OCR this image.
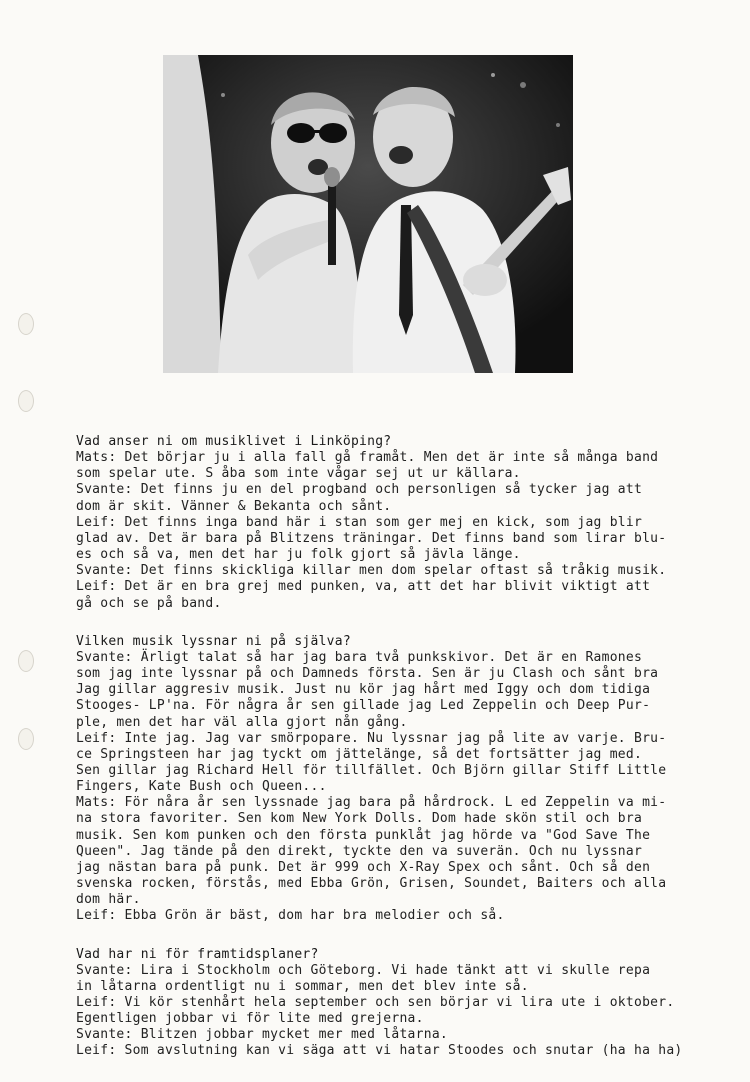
Vad anser ni om musiklivet i Linköping?
Mats: Det börjar ju i alla fall gå framåt. Men det är inte så många band
som spelar ute. S åba som inte vågar sej ut ur källara.
Svante: Det finns ju en del progband och personligen så tycker jag att
dom är skit. Vänner & Bekanta och sånt.
Leif: Det finns inga band här i stan som ger mej en kick, som jag blir
glad av. Det är bara på Blitzens träningar. Det finns band som lirar blu-
es och så va, men det har ju folk gjort så jävla länge.
Svante: Det finns skickliga killar men dom spelar oftast så tråkig musik.
Leif: Det är en bra grej med punken, va, att det har blivit viktigt att
gå och se på band.
Vilken musik lyssnar ni på själva?
Svante: Ärligt talat så har jag bara två punkskivor. Det är en Ramones
som jag inte lyssnar på och Damneds första. Sen är ju Clash och sånt bra
Jag gillar aggresiv musik. Just nu kör jag hårt med Iggy och dom tidiga
Stooges- LP'na. För några år sen gillade jag Led Zeppelin och Deep Pur-
ple, men det har väl alla gjort nån gång.
Leif: Inte jag. Jag var smörpopare. Nu lyssnar jag på lite av varje. Bru-
ce Springsteen har jag tyckt om jättelänge, så det fortsätter jag med.
Sen gillar jag Richard Hell för tillfället. Och Björn gillar Stiff Little
Fingers, Kate Bush och Queen...
Mats: För nåra år sen lyssnade jag bara på hårdrock. L ed Zeppelin va mi-
na stora favoriter. Sen kom New York Dolls. Dom hade skön stil och bra
musik. Sen kom punken och den första punklåt jag hörde va "God Save The
Queen". Jag tände på den direkt, tyckte den va suverän. Och nu lyssnar
jag nästan bara på punk. Det är 999 och X-Ray Spex och sånt. Och så den
svenska rocken, förstås, med Ebba Grön, Grisen, Soundet, Baiters och alla
dom här.
Leif: Ebba Grön är bäst, dom har bra melodier och så.
Vad har ni för framtidsplaner?
Svante: Lira i Stockholm och Göteborg. Vi hade tänkt att vi skulle repa
in låtarna ordentligt nu i sommar, men det blev inte så.
Leif: Vi kör stenhårt hela september och sen börjar vi lira ute i oktober.
Egentligen jobbar vi för lite med grejerna.
Svante: Blitzen jobbar mycket mer med låtarna.
Leif: Som avslutning kan vi säga att vi hatar Stoodes och snutar (ha ha ha)
